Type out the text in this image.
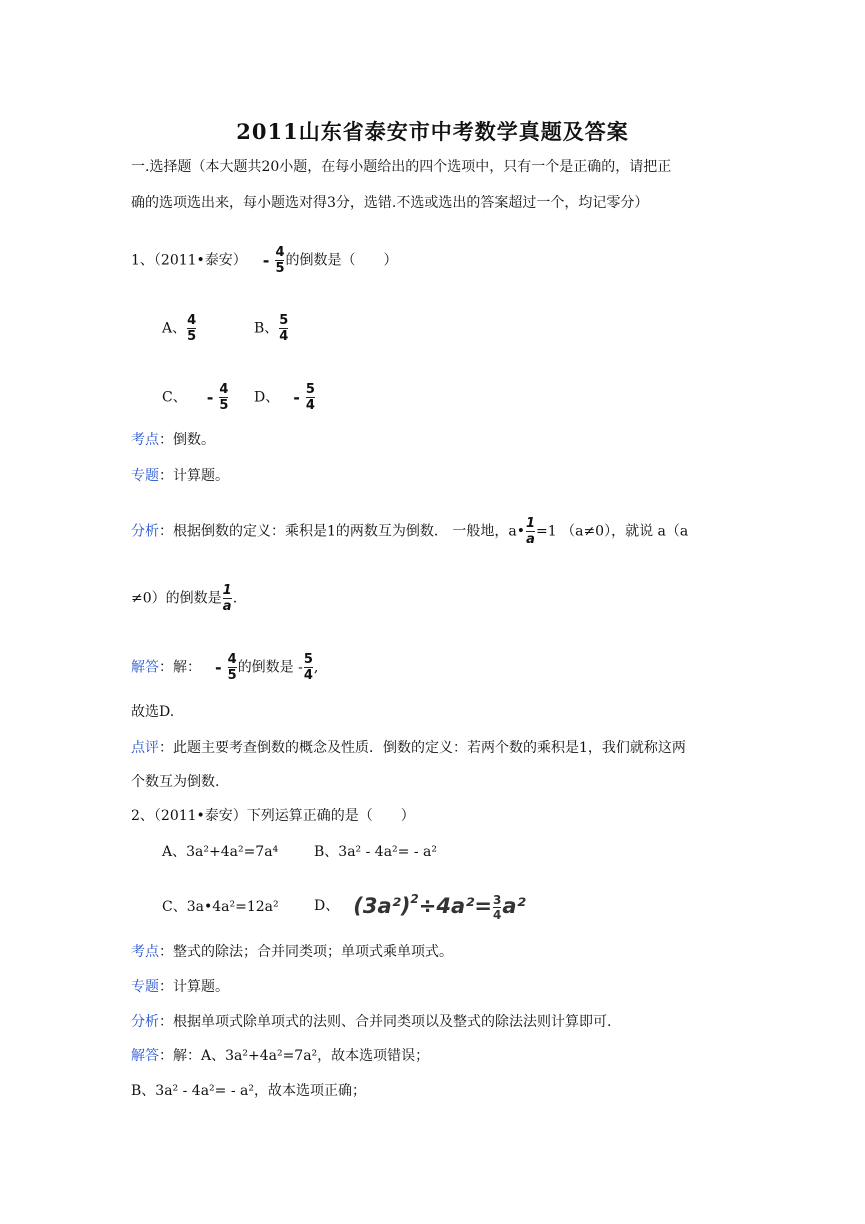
2011山东省泰安市中考数学真题及答案
一.选择题（本大题共20小题，在每小题给出的四个选项中，只有一个是正确的，请把正
确的选项选出来，每小题选对得3分，选错.不选或选出的答案超过一个，均记零分）
1、（2011•泰安） - $\frac{4}{5}$ 的倒数是（　　）
A、 $\frac{4}{5}$	B、 $\frac{5}{4}$
C、 - $\frac{4}{5}$ D、 - $\frac{5}{4}$
考点：倒数。
专题：计算题。
分析：根据倒数的定义：乘积是1的两数互为倒数． 一般地，a• $\frac{1}{a} =1$ （a≠0），就说 a（a
≠0）的倒数是 $\frac{1}{a}$ .
解答：解： - $\frac{4}{5}$ 的倒数是 - $\frac{5}{4}$ ,
故选D.
点评：此题主要考查倒数的概念及性质．倒数的定义：若两个数的乘积是1，我们就称这两
个数互为倒数.
2、（2011•泰安）下列运算正确的是（　　）
A、3a²+4a²=7a⁴	B、3a² - 4a²= - a²
C、3a•4a²=12a²	D、 $(3a^2)^2\div 4a^2= \frac{3}{4} a^2$
考点：整式的除法；合并同类项；单项式乘单项式。
专题：计算题。
分析：根据单项式除单项式的法则、合并同类项以及整式的除法法则计算即可.
解答：解：A、3a²+4a²=7a²，故本选项错误；
B、3a² - 4a²= - a²，故本选项正确；
